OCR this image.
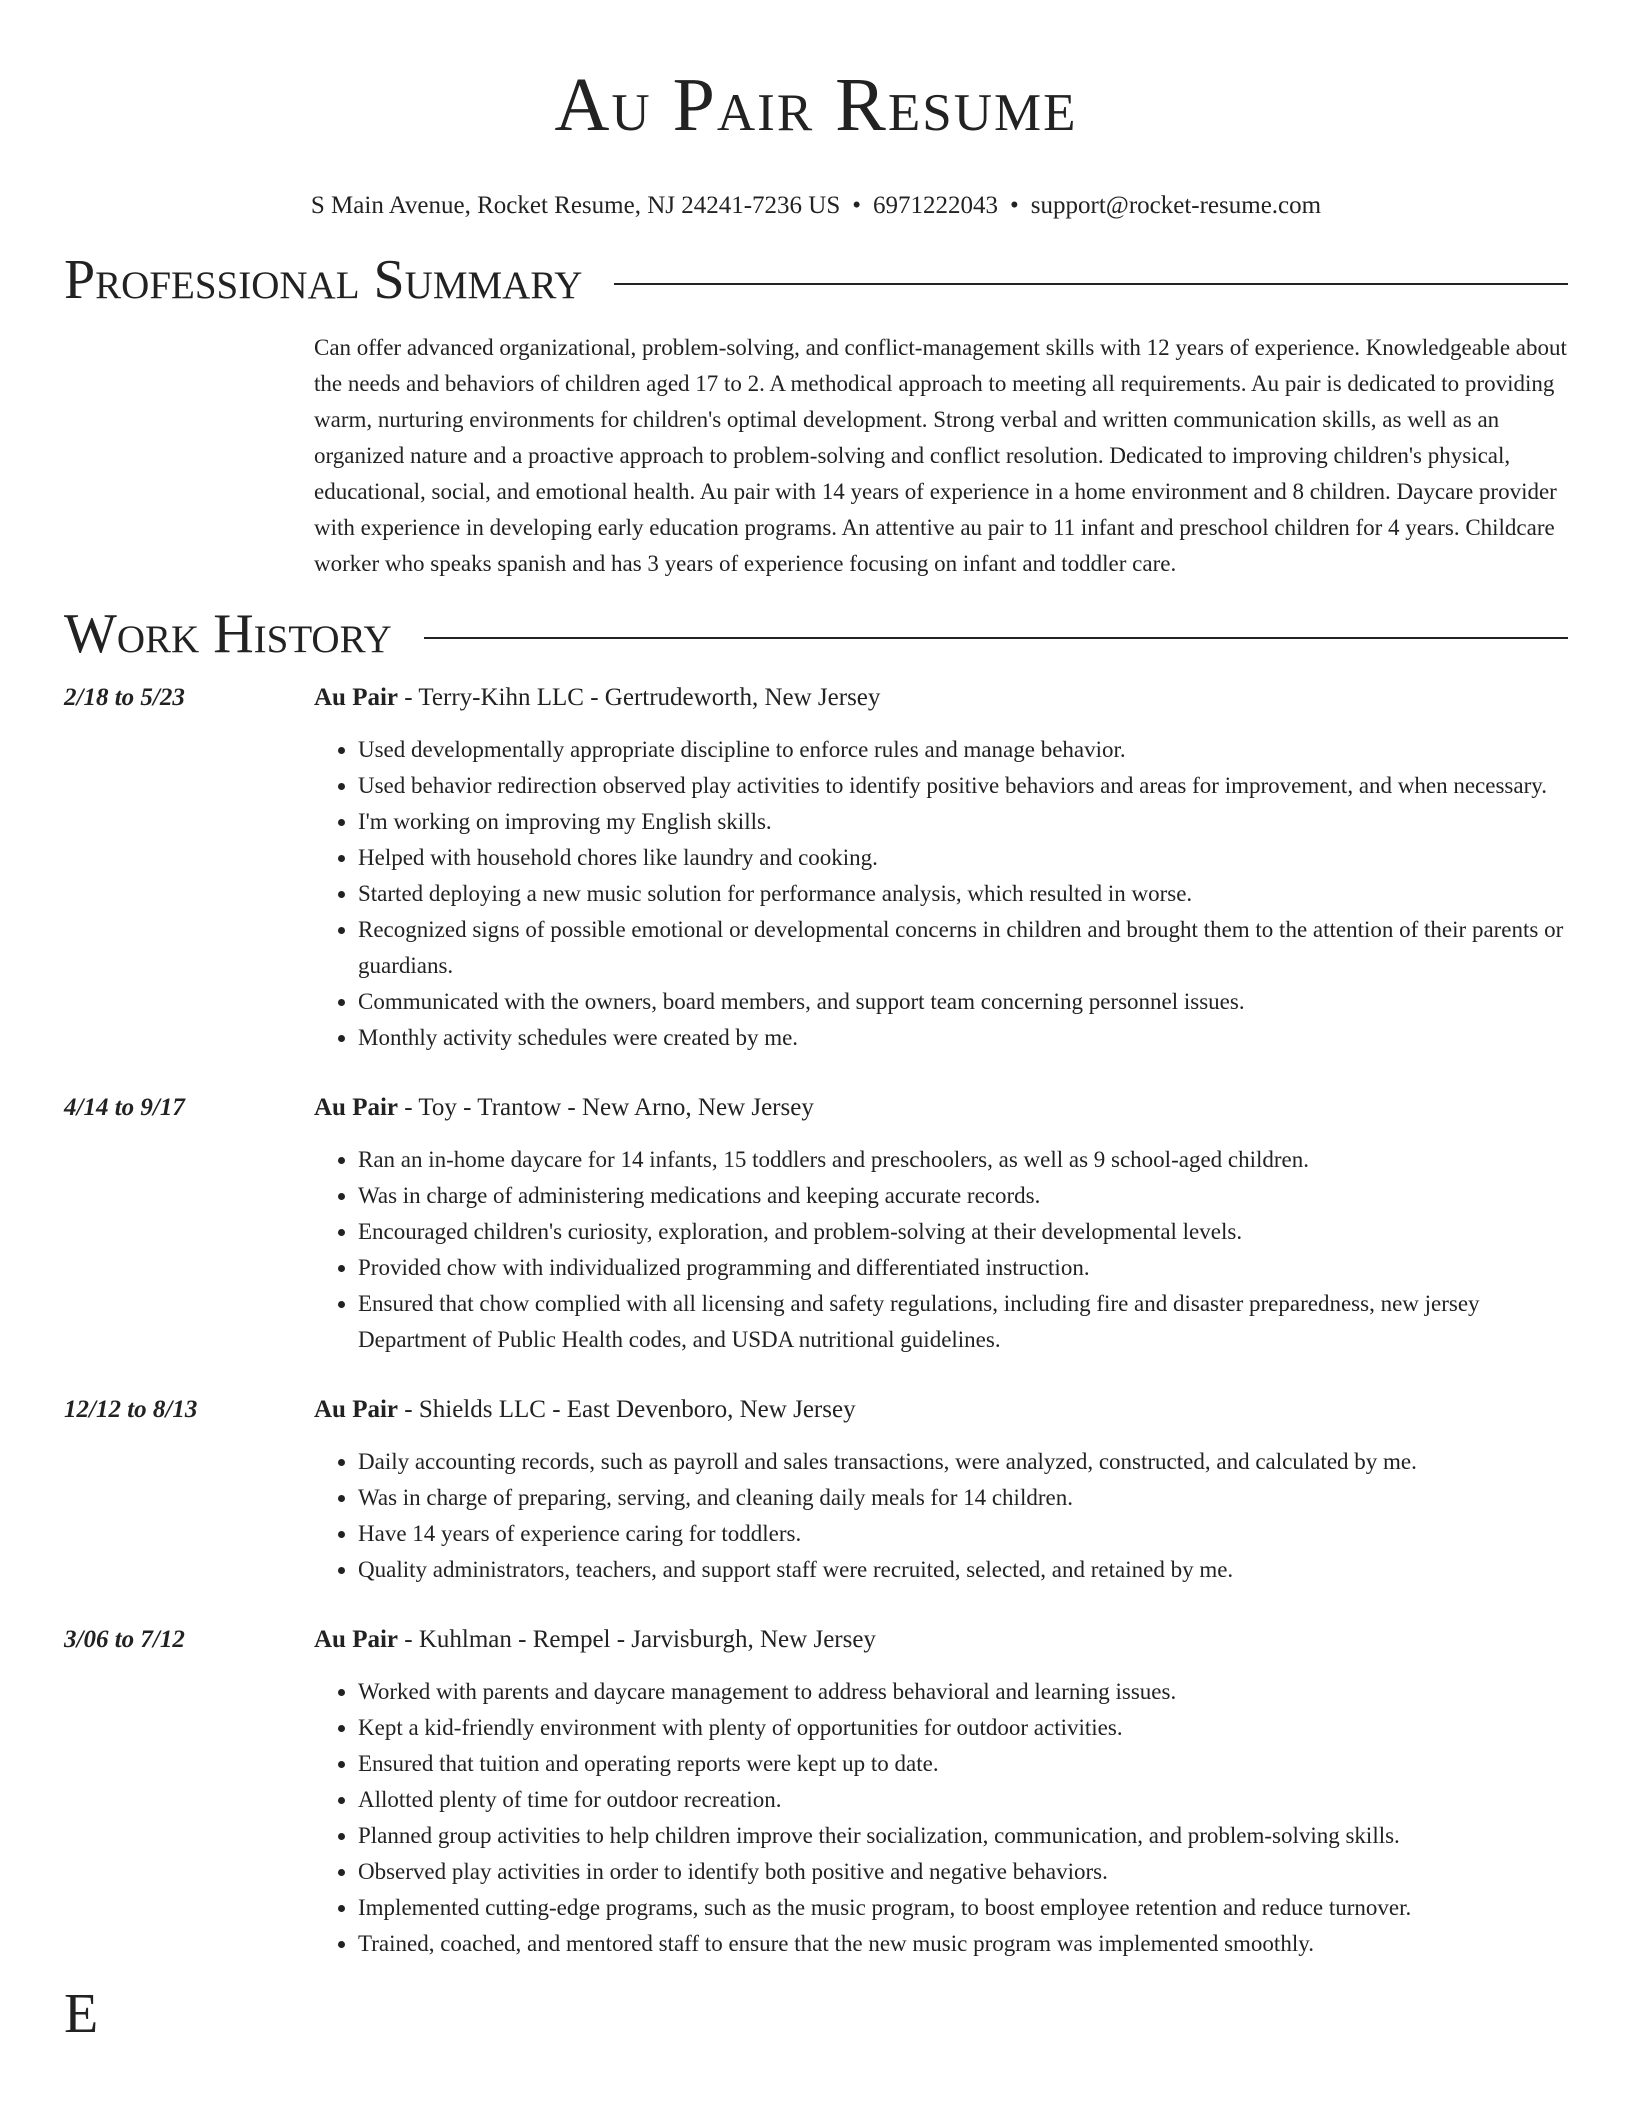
Au Pair Resume
S Main Avenue, Rocket Resume, NJ 24241-7236 US • 6971222043 • support@rocket-resume.com
Professional Summary
Can offer advanced organizational, problem-solving, and conflict-management skills with 12 years of experience. Knowledgeable about the needs and behaviors of children aged 17 to 2. A methodical approach to meeting all requirements. Au pair is dedicated to providing warm, nurturing environments for children's optimal development. Strong verbal and written communication skills, as well as an organized nature and a proactive approach to problem-solving and conflict resolution. Dedicated to improving children's physical, educational, social, and emotional health. Au pair with 14 years of experience in a home environment and 8 children. Daycare provider with experience in developing early education programs. An attentive au pair to 11 infant and preschool children for 4 years. Childcare worker who speaks spanish and has 3 years of experience focusing on infant and toddler care.
Work History
2/18 to 5/23	Au Pair - Terry-Kihn LLC - Gertrudeworth, New Jersey
• Used developmentally appropriate discipline to enforce rules and manage behavior.
• Used behavior redirection observed play activities to identify positive behaviors and areas for improvement, and when necessary.
• I'm working on improving my English skills.
• Helped with household chores like laundry and cooking.
• Started deploying a new music solution for performance analysis, which resulted in worse.
• Recognized signs of possible emotional or developmental concerns in children and brought them to the attention of their parents or guardians.
• Communicated with the owners, board members, and support team concerning personnel issues.
• Monthly activity schedules were created by me.
4/14 to 9/17	Au Pair - Toy - Trantow - New Arno, New Jersey
• Ran an in-home daycare for 14 infants, 15 toddlers and preschoolers, as well as 9 school-aged children.
• Was in charge of administering medications and keeping accurate records.
• Encouraged children's curiosity, exploration, and problem-solving at their developmental levels.
• Provided chow with individualized programming and differentiated instruction.
• Ensured that chow complied with all licensing and safety regulations, including fire and disaster preparedness, new jersey Department of Public Health codes, and USDA nutritional guidelines.
12/12 to 8/13	Au Pair - Shields LLC - East Devenboro, New Jersey
• Daily accounting records, such as payroll and sales transactions, were analyzed, constructed, and calculated by me.
• Was in charge of preparing, serving, and cleaning daily meals for 14 children.
• Have 14 years of experience caring for toddlers.
• Quality administrators, teachers, and support staff were recruited, selected, and retained by me.
3/06 to 7/12	Au Pair - Kuhlman - Rempel - Jarvisburgh, New Jersey
• Worked with parents and daycare management to address behavioral and learning issues.
• Kept a kid-friendly environment with plenty of opportunities for outdoor activities.
• Ensured that tuition and operating reports were kept up to date.
• Allotted plenty of time for outdoor recreation.
• Planned group activities to help children improve their socialization, communication, and problem-solving skills.
• Observed play activities in order to identify both positive and negative behaviors.
• Implemented cutting-edge programs, such as the music program, to boost employee retention and reduce turnover.
• Trained, coached, and mentored staff to ensure that the new music program was implemented smoothly.
E
